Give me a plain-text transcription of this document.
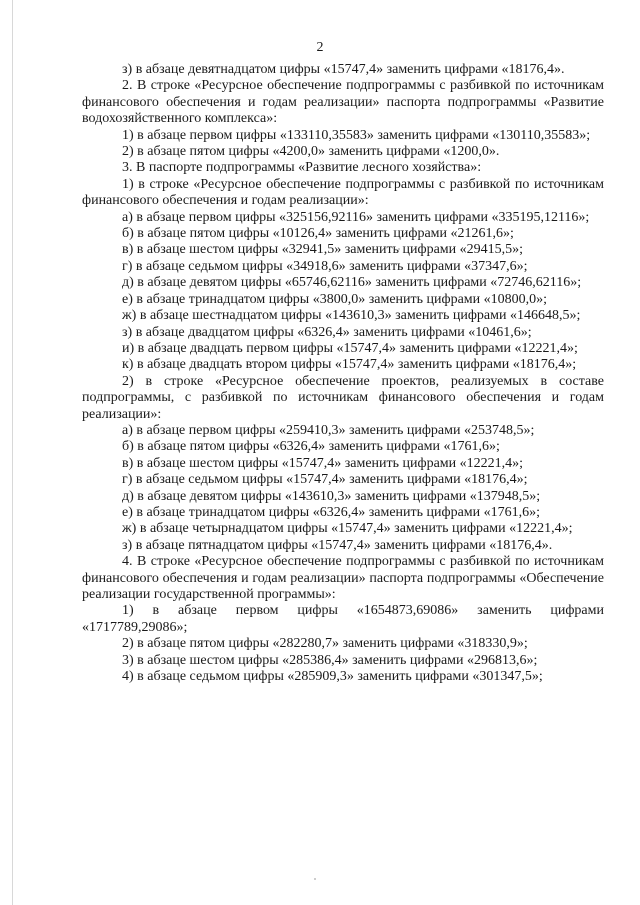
2

з) в абзаце девятнадцатом цифры «15747,4» заменить цифрами «18176,4».

2. В строке «Ресурсное обеспечение подпрограммы с разбивкой по источникам финансового обеспечения и годам реализации» паспорта подпрограммы «Развитие водохозяйственного комплекса»:

1) в абзаце первом цифры «133110,35583» заменить цифрами «130110,35583»;

2) в абзаце пятом цифры «4200,0» заменить цифрами «1200,0».

3. В паспорте подпрограммы «Развитие лесного хозяйства»:

1) в строке «Ресурсное обеспечение подпрограммы с разбивкой по источникам финансового обеспечения и годам реализации»:

а) в абзаце первом цифры «325156,92116» заменить цифрами «335195,12116»;

б) в абзаце пятом цифры «10126,4» заменить цифрами «21261,6»;

в) в абзаце шестом цифры «32941,5» заменить цифрами «29415,5»;

г) в абзаце седьмом цифры «34918,6» заменить цифрами «37347,6»;

д) в абзаце девятом цифры «65746,62116» заменить цифрами «72746,62116»;

е) в абзаце тринадцатом цифры «3800,0» заменить цифрами «10800,0»;

ж) в абзаце шестнадцатом цифры «143610,3» заменить цифрами «146648,5»;

з) в абзаце двадцатом цифры «6326,4» заменить цифрами «10461,6»;

и) в абзаце двадцать первом цифры «15747,4» заменить цифрами «12221,4»;

к) в абзаце двадцать втором цифры «15747,4» заменить цифрами «18176,4»;

2) в строке «Ресурсное обеспечение проектов, реализуемых в составе подпрограммы, с разбивкой по источникам финансового обеспечения и годам реализации»:

а) в абзаце первом цифры «259410,3» заменить цифрами «253748,5»;

б) в абзаце пятом цифры «6326,4» заменить цифрами «1761,6»;

в) в абзаце шестом цифры «15747,4» заменить цифрами «12221,4»;

г) в абзаце седьмом цифры «15747,4» заменить цифрами «18176,4»;

д) в абзаце девятом цифры «143610,3» заменить цифрами «137948,5»;

е) в абзаце тринадцатом цифры «6326,4» заменить цифрами «1761,6»;

ж) в абзаце четырнадцатом цифры «15747,4» заменить цифрами «12221,4»;

з) в абзаце пятнадцатом цифры «15747,4» заменить цифрами «18176,4».

4. В строке «Ресурсное обеспечение подпрограммы с разбивкой по источникам финансового обеспечения и годам реализации» паспорта подпрограммы «Обеспечение реализации государственной программы»:

1) в абзаце первом цифры «1654873,69086» заменить цифрами «1717789,29086»;

2) в абзаце пятом цифры «282280,7» заменить цифрами «318330,9»;

3) в абзаце шестом цифры «285386,4» заменить цифрами «296813,6»;

4) в абзаце седьмом цифры «285909,3» заменить цифрами «301347,5»;
